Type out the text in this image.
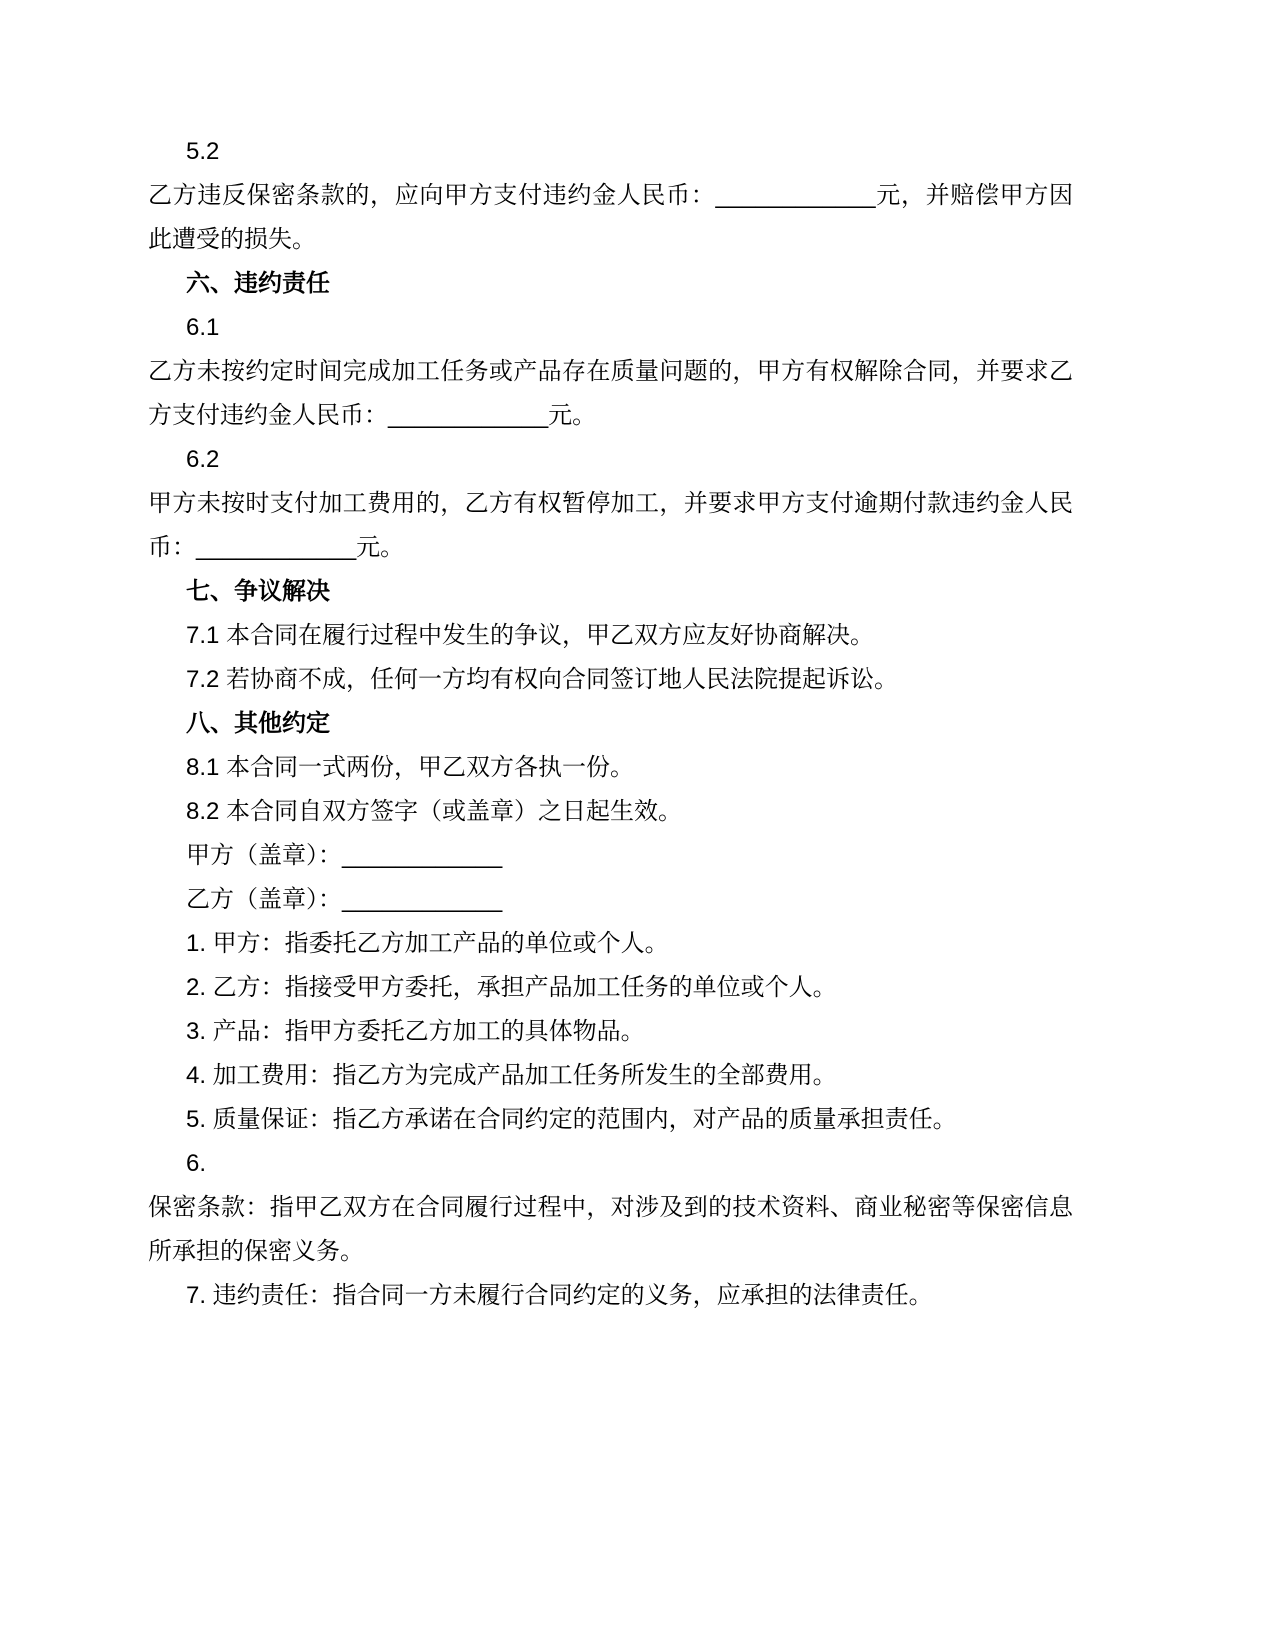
5.2

乙方违反保密条款的，应向甲方支付违约金人民币：____________元，并赔偿甲方因此遭受的损失。

六、违约责任

6.1

乙方未按约定时间完成加工任务或产品存在质量问题的，甲方有权解除合同，并要求乙方支付违约金人民币：____________元。

6.2

甲方未按时支付加工费用的，乙方有权暂停加工，并要求甲方支付逾期付款违约金人民币：____________元。

七、争议解决

7.1 本合同在履行过程中发生的争议，甲乙双方应友好协商解决。

7.2 若协商不成，任何一方均有权向合同签订地人民法院提起诉讼。

八、其他约定

8.1 本合同一式两份，甲乙双方各执一份。

8.2 本合同自双方签字（或盖章）之日起生效。

甲方（盖章）：____________

乙方（盖章）：____________

1. 甲方：指委托乙方加工产品的单位或个人。

2. 乙方：指接受甲方委托，承担产品加工任务的单位或个人。

3. 产品：指甲方委托乙方加工的具体物品。

4. 加工费用：指乙方为完成产品加工任务所发生的全部费用。

5. 质量保证：指乙方承诺在合同约定的范围内，对产品的质量承担责任。

6.

保密条款：指甲乙双方在合同履行过程中，对涉及到的技术资料、商业秘密等保密信息所承担的保密义务。

7. 违约责任：指合同一方未履行合同约定的义务，应承担的法律责任。
